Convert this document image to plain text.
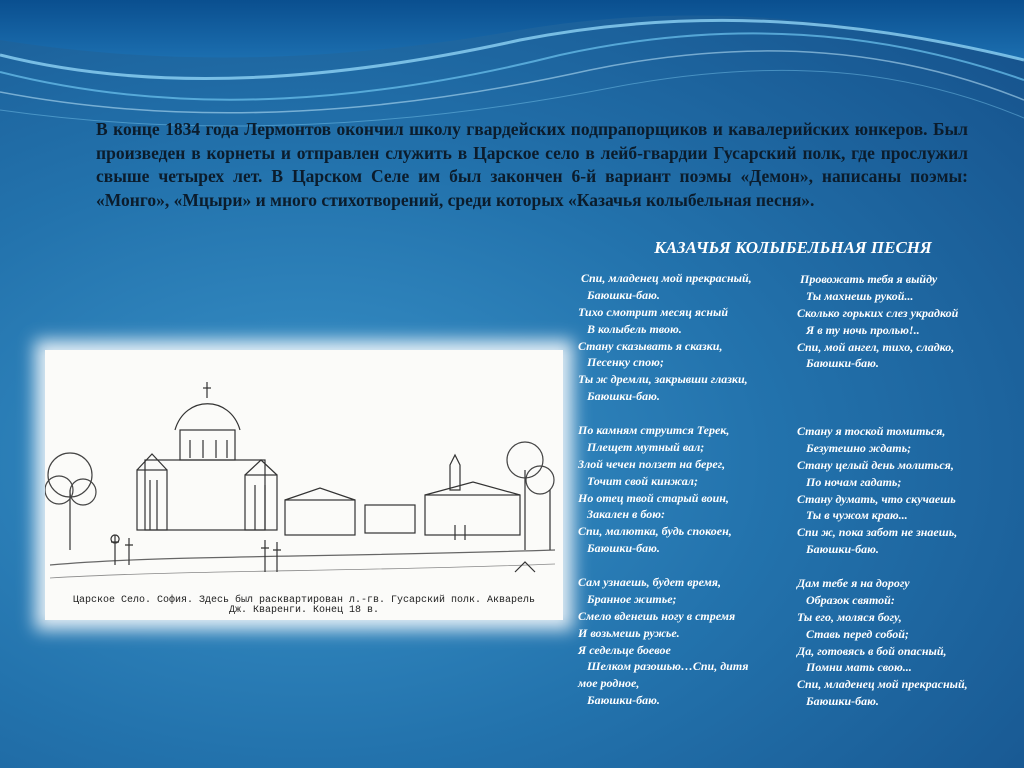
В конце 1834 года Лермонтов окончил школу гвардейских подпрапорщиков и кавалерийских юнкеров. Был произведен в корнеты и отправлен служить в Царское село в лейб-гвардии Гусарский полк, где прослужил свыше четырех лет. В Царском Селе им был закончен 6-й вариант поэмы «Демон», написаны поэмы: «Монго», «Мцыри» и много стихотворений, среди которых «Казачья колыбельная песня».

КАЗАЧЬЯ КОЛЫБЕЛЬНАЯ ПЕСНЯ
Спи, младенец мой прекрасный,
Баюшки-баю.
Тихо смотрит месяц ясный
В колыбель твою.
Стану сказывать я сказки,
Песенку спою;
Ты ж дремли, закрывши глазки,
Баюшки-баю.
По камням струится Терек,
Плещет мутный вал;
Злой чечен ползет на берег,
Точит свой кинжал;
Но отец твой старый воин,
Закален в бою:
Спи, малютка, будь спокоен,
Баюшки-баю.
Сам узнаешь, будет время,
Бранное житье;
Смело вденешь ногу в стремя
И возьмешь ружье.
Я седельце боевое
Шелком разошью…Спи, дитя
мое родное,
Баюшки-баю.
Провожать тебя я выйду
Ты махнешь рукой...
Сколько горьких слез украдкой
Я в ту ночь пролью!..
Спи, мой ангел, тихо, сладко,
Баюшки-баю.
Стану я тоской томиться,
Безутешно ждать;
Стану целый день молиться,
По ночам гадать;
Стану думать, что скучаешь
Ты в чужом краю...
Спи ж, пока забот не знаешь,
Баюшки-баю.
Дам тебе я на дорогу
Образок святой:
Ты его, моляся богу,
Ставь перед собой;
Да, готовясь в бой опасный,
Помни мать свою...
Спи, младенец мой прекрасный,
Баюшки-баю.
Царское Село. София. Здесь был расквартирован л.-гв. Гусарский полк. Акварель
Дж. Кваренги. Конец 18 в.
